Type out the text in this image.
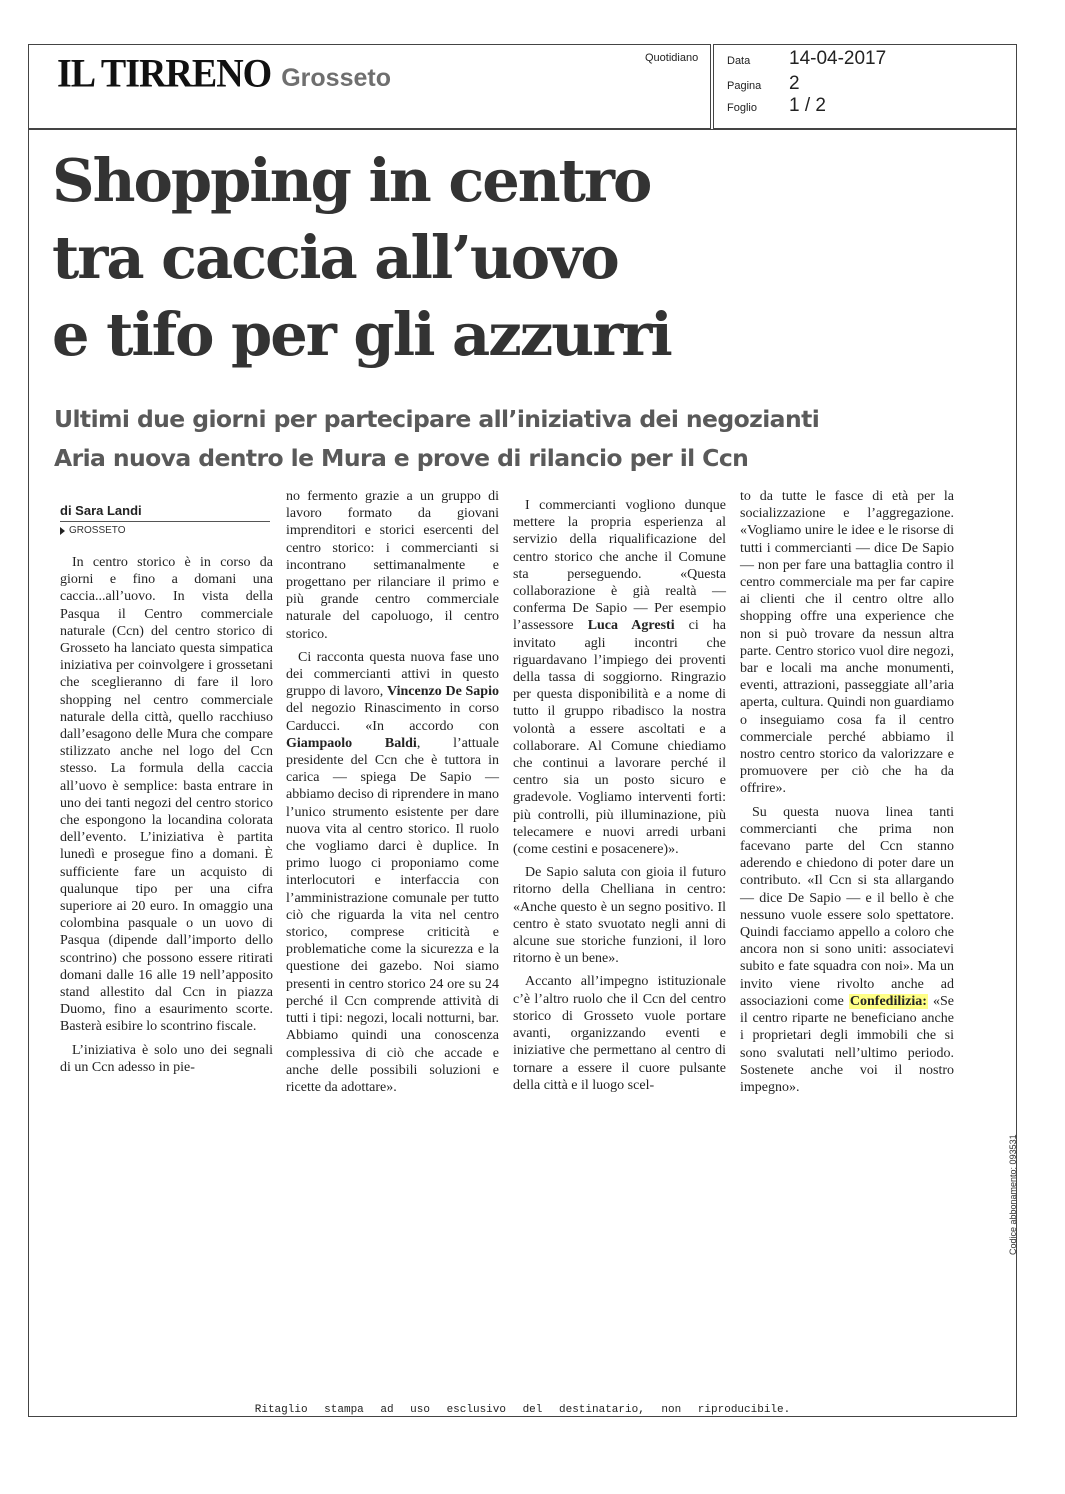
IL TIRRENO Grosseto
Quotidiano	Data	14-04-2017
Pagina	2
Foglio	1 / 2
Shopping in centro
tra caccia all’uovo
e tifo per gli azzurri
Ultimi due giorni per partecipare all’iniziativa dei negozianti
Aria nuova dentro le Mura e prove di rilancio per il Ccn
di Sara Landi
GROSSETO

In centro storico è in corso da giorni e fino a domani una caccia...all’uovo. In vista della Pasqua il Centro commerciale naturale (Ccn) del centro storico di Grosseto ha lanciato questa simpatica iniziativa per coinvolgere i grossetani che sceglieranno di fare il loro shopping nel centro commerciale naturale della città, quello racchiuso dall’esagono delle Mura che compare stilizzato anche nel logo del Ccn stesso. La formula della caccia all’uovo è semplice: basta entrare in uno dei tanti negozi del centro storico che espongono la locandina colorata dell’evento. L’iniziativa è partita lunedì e prosegue fino a domani. È sufficiente fare un acquisto di qualunque tipo per una cifra superiore ai 20 euro. In omaggio una colombina pasquale o un uovo di Pasqua (dipende dall’importo dello scontrino) che possono essere ritirati domani dalle 16 alle 19 nell’apposito stand allestito dal Ccn in piazza Duomo, fino a esaurimento scorte. Basterà esibire lo scontrino fiscale.

L’iniziativa è solo uno dei segnali di un Ccn adesso in pie-

no fermento grazie a un gruppo di lavoro formato da giovani imprenditori e storici esercenti del centro storico: i commercianti si incontrano settimanalmente e progettano per rilanciare il primo e più grande centro commerciale naturale del capoluogo, il centro storico.

Ci racconta questa nuova fase uno dei commercianti attivi in questo gruppo di lavoro, Vincenzo De Sapio del negozio Rinascimento in corso Carducci. «In accordo con Giampaolo Baldi, l’attuale presidente del Ccn che è tuttora in carica — spiega De Sapio — abbiamo deciso di riprendere in mano l’unico strumento esistente per dare nuova vita al centro storico. Il ruolo che vogliamo darci è duplice. In primo luogo ci proponiamo come interlocutori e interfaccia con l’amministrazione comunale per tutto ciò che riguarda la vita nel centro storico, comprese criticità e problematiche come la sicurezza e la questione dei gazebo. Noi siamo presenti in centro storico 24 ore su 24 perché il Ccn comprende attività di tutti i tipi: negozi, locali notturni, bar. Abbiamo quindi una conoscenza complessiva di ciò che accade e anche delle possibili soluzioni e ricette da adottare».

I commercianti vogliono dunque mettere la propria esperienza al servizio della riqualificazione del centro storico che anche il Comune sta perseguendo. «Questa collaborazione è già realtà — conferma De Sapio — Per esempio l’assessore Luca Agresti ci ha invitato agli incontri che riguardavano l’impiego dei proventi della tassa di soggiorno. Ringrazio per questa disponibilità e a nome di tutto il gruppo ribadisco la nostra volontà a essere ascoltati e a collaborare. Al Comune chiediamo che continui a lavorare perché il centro sia un posto sicuro e gradevole. Vogliamo interventi forti: più controlli, più illuminazione, più telecamere e nuovi arredi urbani (come cestini e posacenere)».

De Sapio saluta con gioia il futuro ritorno della Chelliana in centro: «Anche questo è un segno positivo. Il centro è stato svuotato negli anni di alcune sue storiche funzioni, il loro ritorno è un bene».

Accanto all’impegno istituzionale c’è l’altro ruolo che il Ccn del centro storico di Grosseto vuole portare avanti, organizzando eventi e iniziative che permettano al centro di tornare a essere il cuore pulsante della città e il luogo scel-

to da tutte le fasce di età per la socializzazione e l’aggregazione. «Vogliamo unire le idee e le risorse di tutti i commercianti — dice De Sapio — non per fare una battaglia contro il centro commerciale ma per far capire ai clienti che il centro oltre allo shopping offre una experience che non si può trovare da nessun altra parte. Centro storico vuol dire negozi, bar e locali ma anche monumenti, eventi, attrazioni, passeggiate all’aria aperta, cultura. Quindi non guardiamo o inseguiamo cosa fa il centro commerciale perché abbiamo il nostro centro storico da valorizzare e promuovere per ciò che ha da offrire».

Su questa nuova linea tanti commercianti che prima non facevano parte del Ccn stanno aderendo e chiedono di poter dare un contributo. «Il Ccn si sta allargando — dice De Sapio — e il bello è che nessuno vuole essere solo spettatore. Quindi facciamo appello a coloro che ancora non si sono uniti: associatevi subito e fate squadra con noi». Ma un invito viene rivolto anche ad associazioni come Confedilizia: «Se il centro riparte ne beneficiano anche i proprietari degli immobili che si sono svalutati nell’ultimo periodo. Sostenete anche voi il nostro impegno».

Codice abbonamento: 093531
Ritaglio stampa ad uso esclusivo del destinatario, non riproducibile.
